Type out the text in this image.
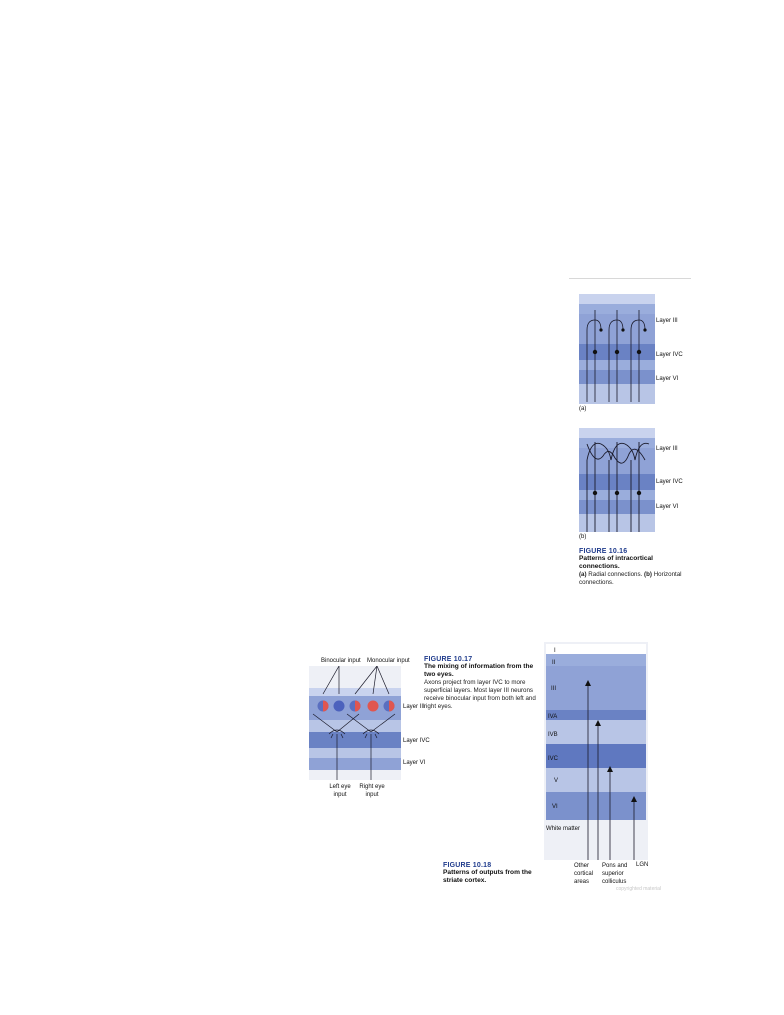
Layer III
Layer IVC
Layer VI
(a)
Layer III
Layer IVC
Layer VI
(b)
FIGURE 10.16
Patterns of intracortical connections.
(a) Radial connections. (b) Horizontal connections.
Binocular input Monocular input
Layer III
Layer IVC
Layer VI
Left eye
input
Right eye
input
FIGURE 10.17
The mixing of information from the two eyes.
Axons project from layer IVC to more superficial layers. Most layer III neurons receive binocular input from both left and right eyes.
I
II
III
IVA
IVB
IVC
V
VI
White matter
Other
cortical
areas
Pons and
superior
colliculus
LGN
copyrighted material
FIGURE 10.18
Patterns of outputs from the striate cortex.
